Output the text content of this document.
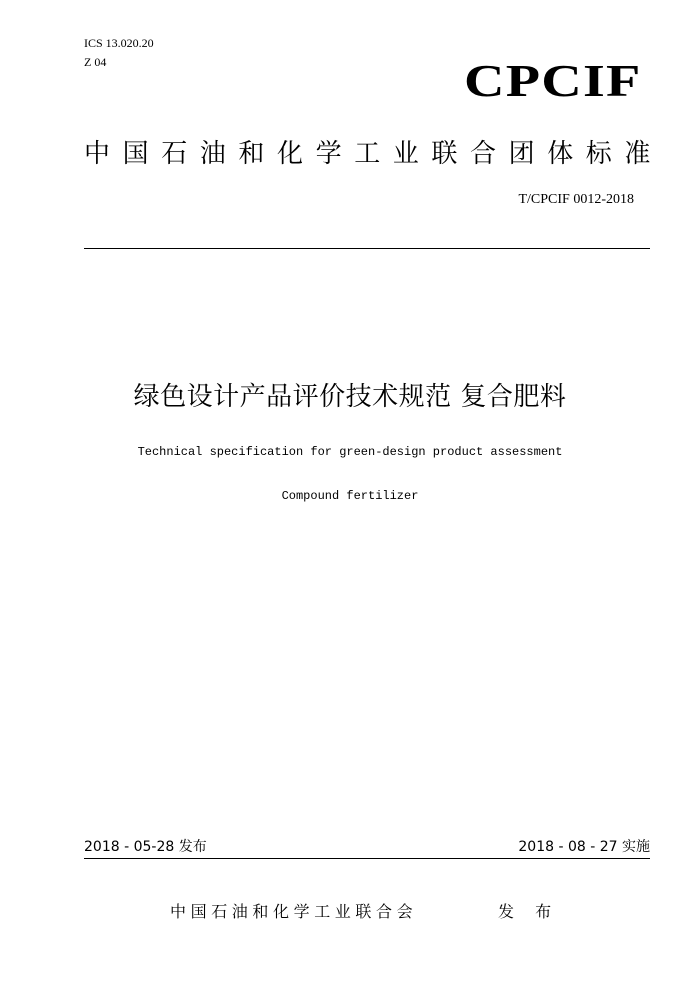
ICS 13.020.20
Z 04	CPCIF
中国石油和化学工业联合团体标准
T/CPCIF 0012-2018
绿色设计产品评价技术规范 复合肥料
Technical specification for green-design product assessment
Compound fertilizer
2018 - 05-28 发布	2018 - 08 - 27 实施
中国石油和化学工业联合会	发 布
